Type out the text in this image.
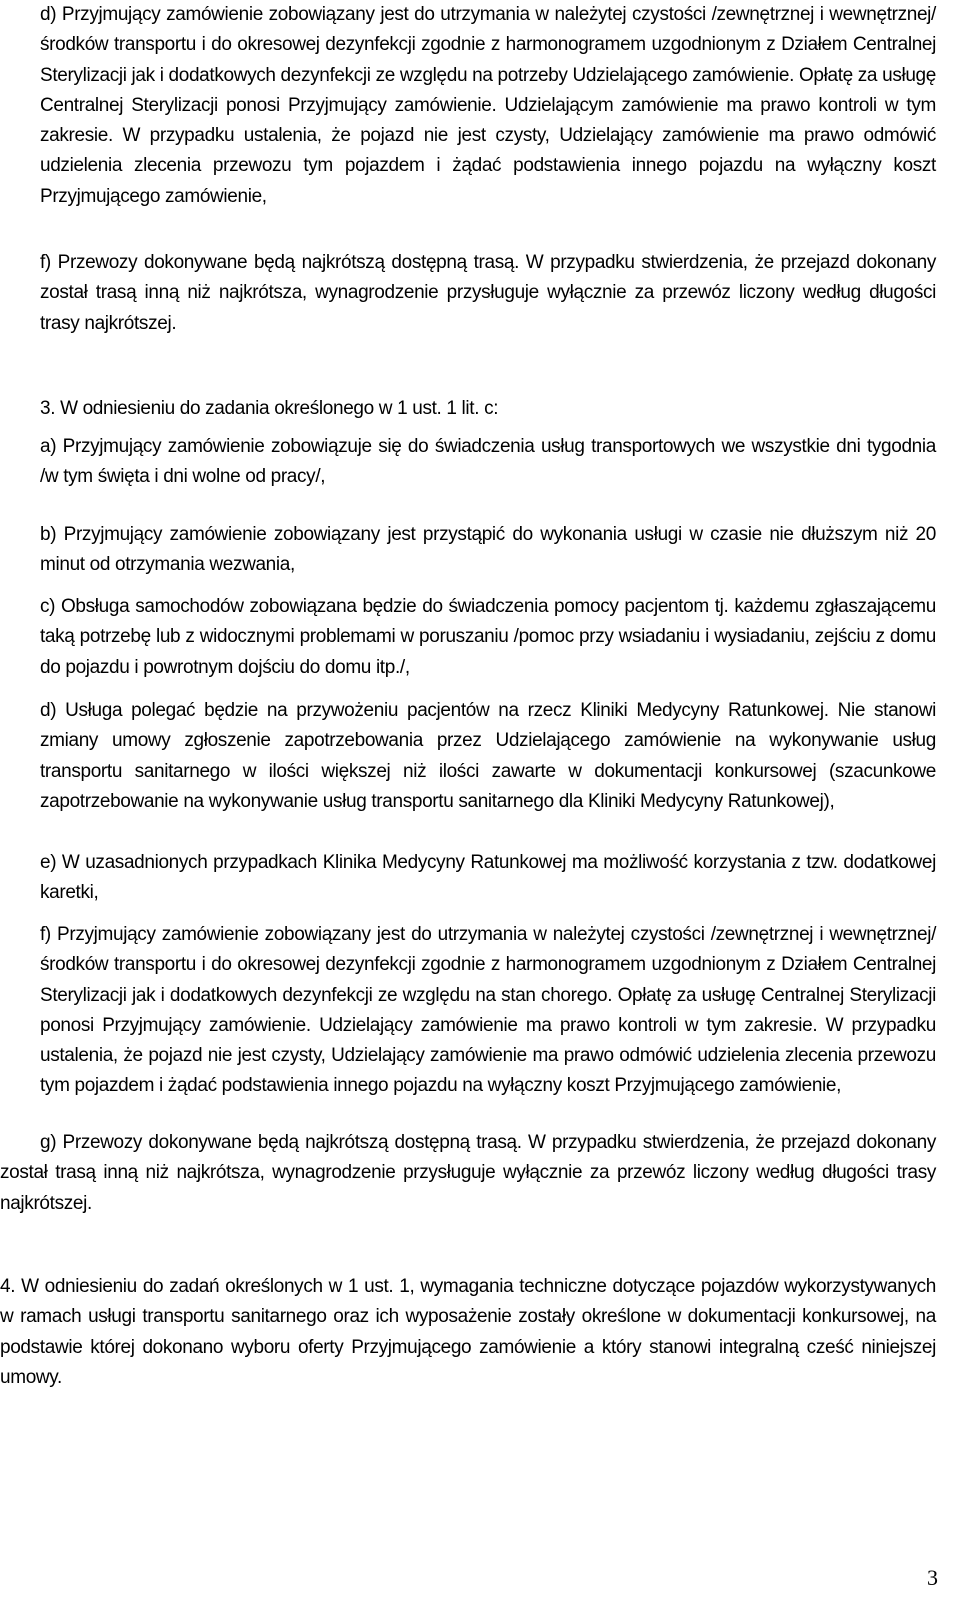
d) Przyjmujący zamówienie zobowiązany jest do utrzymania w należytej czystości /zewnętrznej i wewnętrznej/ środków transportu i do okresowej dezynfekcji zgodnie z harmonogramem uzgodnionym z Działem Centralnej Sterylizacji jak i dodatkowych dezynfekcji ze względu na potrzeby Udzielającego zamówienie. Opłatę za usługę Centralnej Sterylizacji ponosi Przyjmujący zamówienie. Udzielającym zamówienie ma prawo kontroli w tym zakresie. W przypadku ustalenia, że pojazd nie jest czysty, Udzielający zamówienie ma prawo odmówić udzielenia zlecenia przewozu tym pojazdem i żądać podstawienia innego pojazdu na wyłączny koszt Przyjmującego zamówienie,

f) Przewozy dokonywane będą najkrótszą dostępną trasą. W przypadku stwierdzenia, że przejazd dokonany został trasą inną niż najkrótsza, wynagrodzenie przysługuje wyłącznie za przewóz liczony według długości trasy najkrótszej.

3. W odniesieniu do zadania określonego w 1 ust. 1 lit. c:

a) Przyjmujący zamówienie zobowiązuje się do świadczenia usług transportowych we wszystkie dni tygodnia /w tym święta i dni wolne od pracy/,

b) Przyjmujący zamówienie zobowiązany jest przystąpić do wykonania usługi w czasie nie dłuższym niż 20 minut od otrzymania wezwania,

c) Obsługa samochodów zobowiązana będzie do świadczenia pomocy pacjentom tj. każdemu zgłaszającemu taką potrzebę lub z widocznymi problemami w poruszaniu /pomoc przy wsiadaniu i wysiadaniu, zejściu z domu do pojazdu i powrotnym dojściu do domu itp./,

d) Usługa polegać będzie na przywożeniu pacjentów na rzecz Kliniki Medycyny Ratunkowej. Nie stanowi zmiany umowy zgłoszenie zapotrzebowania przez Udzielającego zamówienie na wykonywanie usług transportu sanitarnego w ilości większej niż ilości zawarte w dokumentacji konkursowej (szacunkowe zapotrzebowanie na wykonywanie usług transportu sanitarnego dla Kliniki Medycyny Ratunkowej),

e) W uzasadnionych przypadkach Klinika Medycyny Ratunkowej ma możliwość korzystania z tzw. dodatkowej karetki,

f) Przyjmujący zamówienie zobowiązany jest do utrzymania w należytej czystości /zewnętrznej i wewnętrznej/ środków transportu i do okresowej dezynfekcji zgodnie z harmonogramem uzgodnionym z Działem Centralnej Sterylizacji jak i dodatkowych dezynfekcji ze względu na stan chorego. Opłatę za usługę Centralnej Sterylizacji ponosi Przyjmujący zamówienie. Udzielający zamówienie ma prawo kontroli w tym zakresie. W przypadku ustalenia, że pojazd nie jest czysty, Udzielający zamówienie ma prawo odmówić udzielenia zlecenia przewozu tym pojazdem i żądać podstawienia innego pojazdu na wyłączny koszt Przyjmującego zamówienie,

g) Przewozy dokonywane będą najkrótszą dostępną trasą. W przypadku stwierdzenia, że przejazd dokonany został trasą inną niż najkrótsza, wynagrodzenie przysługuje wyłącznie za przewóz liczony według długości trasy najkrótszej.

4. W odniesieniu do zadań określonych w 1 ust. 1, wymagania techniczne dotyczące pojazdów wykorzystywanych w ramach usługi transportu sanitarnego oraz ich wyposażenie zostały określone w dokumentacji konkursowej, na podstawie której dokonano wyboru oferty Przyjmującego zamówienie a który stanowi integralną cześć niniejszej umowy.

3
